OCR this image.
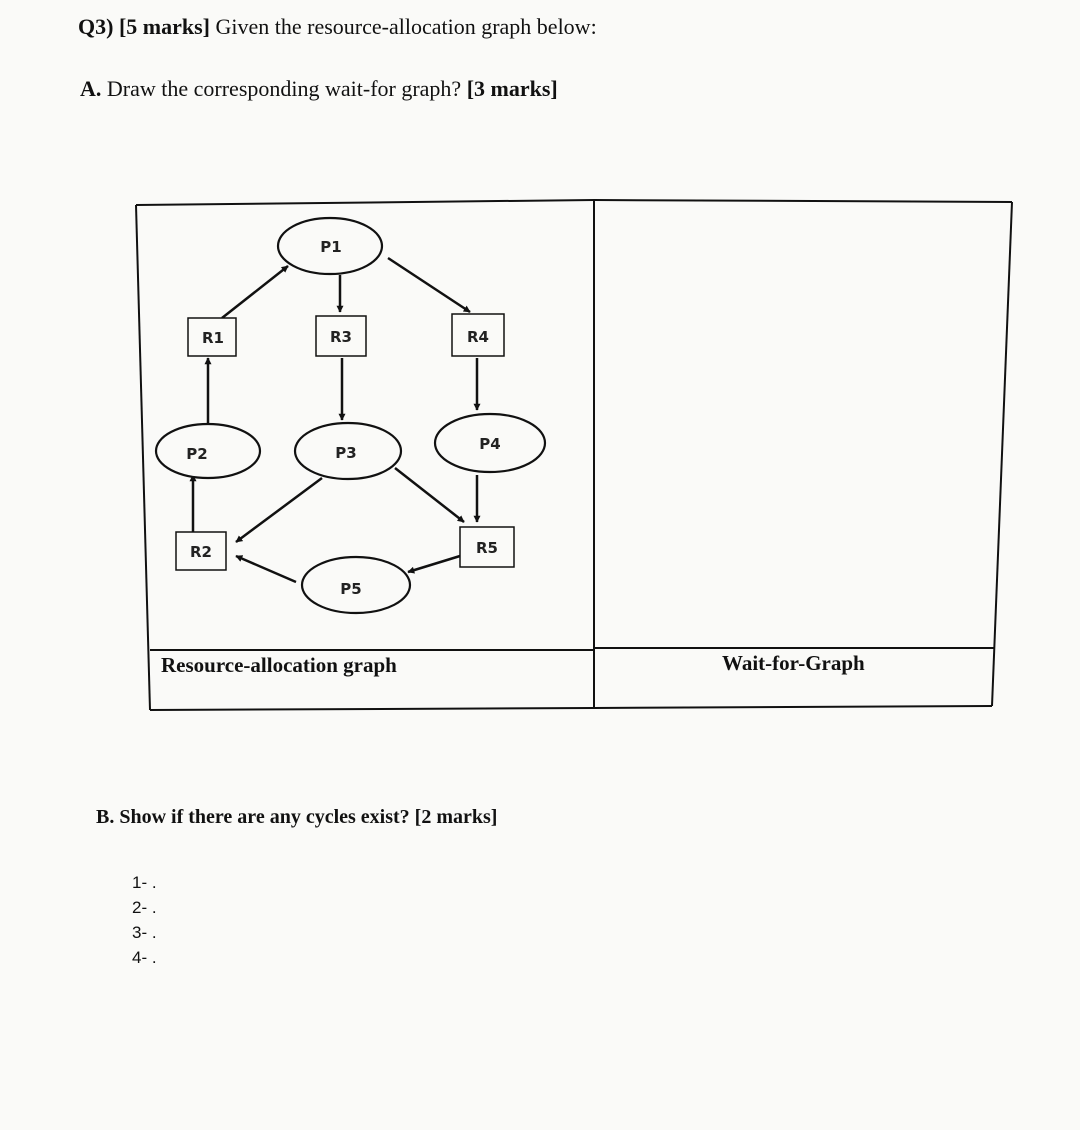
Q3) [5 marks] Given the resource-allocation graph below:
A. Draw the corresponding wait-for graph? [3 marks]
P1
P2	P3	P4
P5
R1
R2
R3	R4
R5
Resource-allocation graph	Wait-for-Graph
B. Show if there are any cycles exist? [2 marks]
1- .
2- .
3- .
4- .
